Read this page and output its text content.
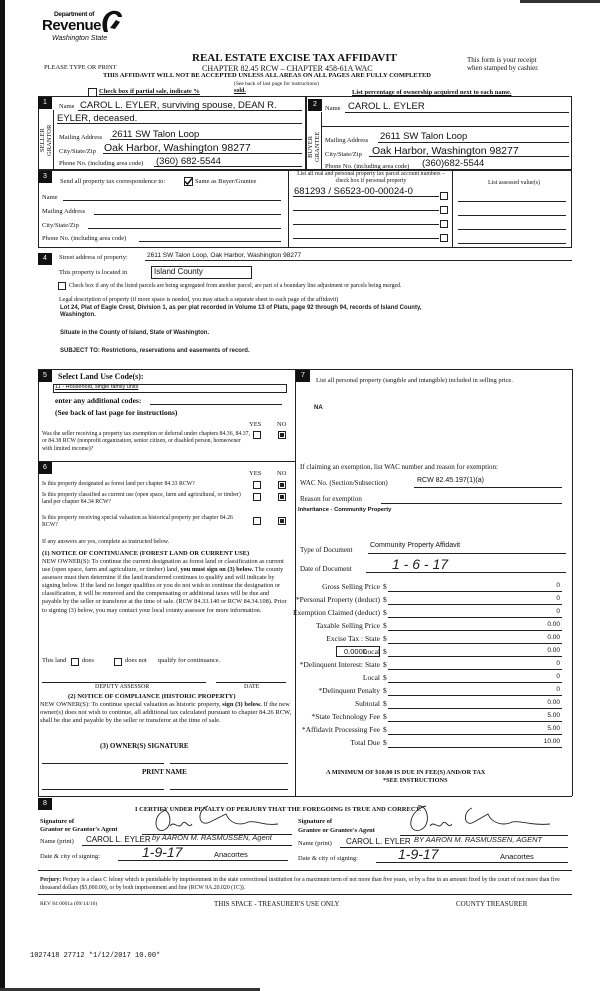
Department of
Revenue
Washington State
PLEASE TYPE OR PRINT
REAL ESTATE EXCISE TAX AFFIDAVIT
CHAPTER 82.45 RCW – CHAPTER 458-61A WAC
This form is your receipt
when stamped by cashier.
THIS AFFIDAVIT WILL NOT BE ACCEPTED UNLESS ALL AREAS ON ALL PAGES ARE FULLY COMPLETED
(See back of last page for instructions)
Check box if partial sale, indicate %	sold.	List percentage of ownership acquired next to each name.
1
SELLER GRANTOR
Name CAROL L. EYLER, surviving spouse, DEAN R.
EYLER, deceased.
Mailing Address 2611 SW Talon Loop
City/State/Zip Oak Harbor, Washington 98277
Phone No. (including area code) (360) 682-5544
2
BUYER GRANTEE
Name CAROL L. EYLER
Mailing Address 2611 SW Talon Loop
City/State/Zip Oak Harbor, Washington 98277
Phone No. (including area code) (360)682-5544
3
Send all property tax correspondence to:	Same as Buyer/Grantee
Name
Mailing Address
City/State/Zip
Phone No. (including area code)
List all real and personal property tax parcel account numbers – check box if personal property	List assessed value(s)
681293 / S6523-00-00024-0
4	Street address of property:	2611 SW Talon Loop, Oak Harbor, Washington 98277
This property is located in	Island County
Check box if any of the listed parcels are being segregated from another parcel, are part of a boundary line adjustment or parcels being merged.
Legal description of property (if more space is needed, you may attach a separate sheet to each page of the affidavit)
Lot 24, Plat of Eagle Crest, Division 1, as per plat recorded in Volume 13 of Plats, page 92 through 94, records of Island County,
Washington.
Situate in the County of Island, State of Washington.
SUBJECT TO: Restrictions, reservations and easements of record.
5	Select Land Use Code(s):
11 - Household, single family units
enter any additional codes:
(See back of last page for instructions)
YES NO
Was the seller receiving a property tax exemption or deferral under chapters 84.36, 84.37, or 84.38 RCW (nonprofit organization, senior citizen, or disabled person, homeowner with limited income)?
6
YES NO
Is this property designated as forest land per chapter 84.33 RCW?
Is this property classified as current use (open space, farm and agricultural, or timber) land per chapter 84.34 RCW?
Is this property receiving special valuation as historical property per chapter 84.26 RCW?
If any answers are yes, complete as instructed below.
(1) NOTICE OF CONTINUANCE (FOREST LAND OR CURRENT USE)
NEW OWNER(S): To continue the current designation as forest land or classification as current use (open space, farm and agriculture, or timber) land, you must sign on (3) below. The county assessor must then determine if the land transferred continues to qualify and will indicate by signing below. If the land no longer qualifies or you do not wish to continue the designation or classification, it will be removed and the compensating or additional taxes will be due and payable by the seller or transferor at the time of sale. (RCW 84.33.140 or RCW 84.34.108). Prior to signing (3) below, you may contact your local county assessor for more information.
This land does	does not qualify for continuance.
DEPUTY ASSESSOR	DATE
(2) NOTICE OF COMPLIANCE (HISTORIC PROPERTY)
NEW OWNER(S): To continue special valuation as historic property, sign (3) below. If the new owner(s) does not wish to continue, all additional tax calculated pursuant to chapter 84.26 RCW, shall be due and payable by the seller or transferor at the time of sale.
(3) OWNER(S) SIGNATURE
PRINT NAME
7
List all personal property (tangible and intangible) included in selling price.
NA
If claiming an exemption, list WAC number and reason for exemption:
WAC No. (Section/Subsection)	RCW 82.45.197(1)(a)
Reason for exemption
Inheritance - Community Property
Type of Document
Community Property Affidavit
Date of Document	1 - 6 - 17
Gross Selling Price $	0
*Personal Property (deduct) $	0
Exemption Claimed (deduct) $	0
Taxable Selling Price $	0.00
Excise Tax : State $	0.00
Local $	0.00
*Delinquent Interest: State $	0
Local $	0
*Delinquent Penalty $	0
Subtotal $	0.00
*State Technology Fee $	5.00
*Affidavit Processing Fee $	5.00
Total Due $	10.00
0.0000
A MINIMUM OF $10.00 IS DUE IN FEE(S) AND/OR TAX
*SEE INSTRUCTIONS
8
I CERTIFY UNDER PENALTY OF PERJURY THAT THE FOREGOING IS TRUE AND CORRECT.
Signature of
Grantor or Grantor's Agent
Name (print) CAROL L. EYLER by AARON M. RASMUSSEN, Agent
Date & city of signing:	1-9-17	Anacortes
Signature of
Grantee or Grantee's Agent
Name (print) CAROL L. EYLER BY AARON M. RASMUSSEN, AGENT
Date & city of signing:	1-9-17	Anacortes
Perjury: Perjury is a class C felony which is punishable by imprisonment in the state correctional institution for a maximum term of not more than five years, or by a fine in an amount fixed by the court of not more than five thousand dollars ($5,000.00), or by both imprisonment and fine (RCW 9A.20.020 (1C)).
REV 84 0001a (09/14/16)	THIS SPACE - TREASURER'S USE ONLY	COUNTY TREASURER
1027418 27712 *1/12/2017 10.00*
